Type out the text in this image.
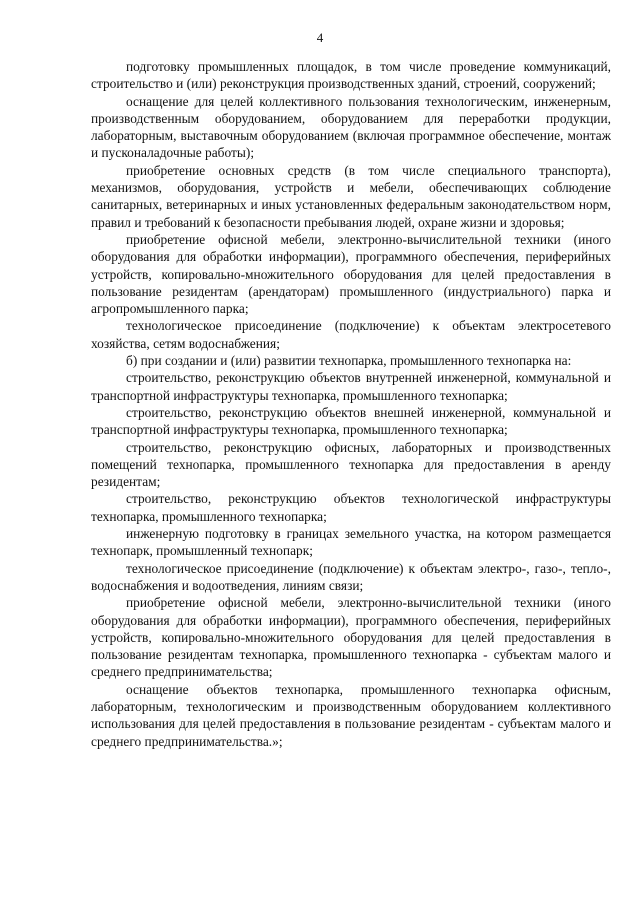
4

подготовку промышленных площадок, в том числе проведение коммуникаций, строительство и (или) реконструкция производственных зданий, строений, сооружений;

оснащение для целей коллективного пользования технологическим, инженерным, производственным оборудованием, оборудованием для переработки продукции, лабораторным, выставочным оборудованием (включая программное обеспечение, монтаж и пусконаладочные работы);

приобретение основных средств (в том числе специального транспорта), механизмов, оборудования, устройств и мебели, обеспечивающих соблюдение санитарных, ветеринарных и иных установленных федеральным законодательством норм, правил и требований к безопасности пребывания людей, охране жизни и здоровья;

приобретение офисной мебели, электронно-вычислительной техники (иного оборудования для обработки информации), программного обеспечения, периферийных устройств, копировально-множительного оборудования для целей предоставления в пользование резидентам (арендаторам) промышленного (индустриального) парка и агропромышленного парка;

технологическое присоединение (подключение) к объектам электросетевого хозяйства, сетям водоснабжения;

б) при создании и (или) развитии технопарка, промышленного технопарка на:

строительство, реконструкцию объектов внутренней инженерной, коммунальной и транспортной инфраструктуры технопарка, промышленного технопарка;

строительство, реконструкцию объектов внешней инженерной, коммунальной и транспортной инфраструктуры технопарка, промышленного технопарка;

строительство, реконструкцию офисных, лабораторных и производственных помещений технопарка, промышленного технопарка для предоставления в аренду резидентам;

строительство, реконструкцию объектов технологической инфраструктуры технопарка, промышленного технопарка;

инженерную подготовку в границах земельного участка, на котором размещается технопарк, промышленный технопарк;

технологическое присоединение (подключение) к объектам электро-, газо-, тепло-, водоснабжения и водоотведения, линиям связи;

приобретение офисной мебели, электронно-вычислительной техники (иного оборудования для обработки информации), программного обеспечения, периферийных устройств, копировально-множительного оборудования для целей предоставления в пользование резидентам технопарка, промышленного технопарка - субъектам малого и среднего предпринимательства;

оснащение объектов технопарка, промышленного технопарка офисным, лабораторным, технологическим и производственным оборудованием коллективного использования для целей предоставления в пользование резидентам - субъектам малого и среднего предпринимательства.»;
